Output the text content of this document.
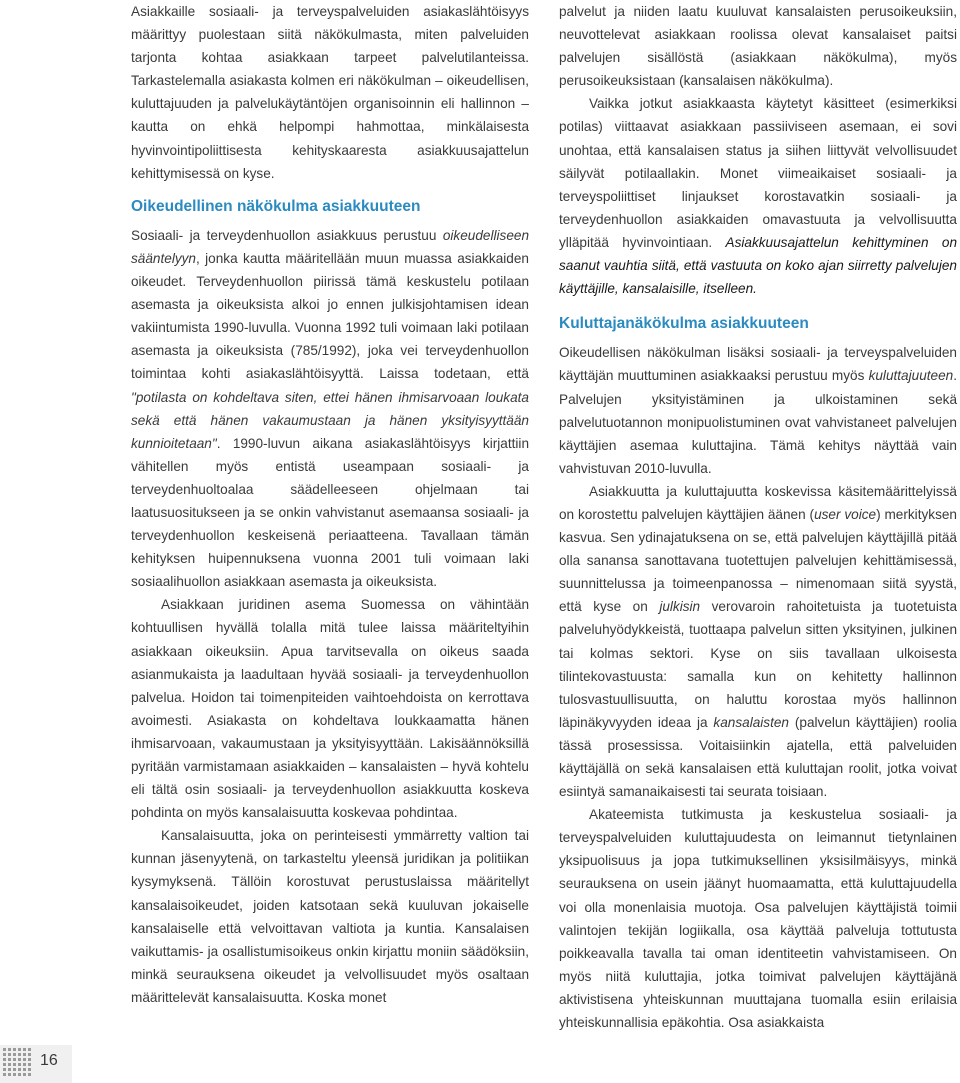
Asiakkaille sosiaali- ja terveyspalveluiden asiakaslähtöisyys määrittyy puolestaan siitä näkökulmasta, miten palveluiden tarjonta kohtaa asiakkaan tarpeet palvelutilanteissa. Tarkastelemalla asiakasta kolmen eri näkökulman – oikeudellisen, kuluttajuuden ja palvelukäytäntöjen organisoinnin eli hallinnon – kautta on ehkä helpompi hahmottaa, minkälaisesta hyvinvointipoliittisesta kehityskaaresta asiakkuusajattelun kehittymisessä on kyse.

Oikeudellinen näkökulma asiakkuuteen

Sosiaali- ja terveydenhuollon asiakkuus perustuu oikeudelliseen sääntelyyn, jonka kautta määritellään muun muassa asiakkaiden oikeudet. Terveydenhuollon piirissä tämä keskustelu potilaan asemasta ja oikeuksista alkoi jo ennen julkisjohtamisen idean vakiintumista 1990-luvulla. Vuonna 1992 tuli voimaan laki potilaan asemasta ja oikeuksista (785/1992), joka vei terveydenhuollon toimintaa kohti asiakaslähtöisyyttä. Laissa todetaan, että "potilasta on kohdeltava siten, ettei hänen ihmisarvoaan loukata sekä että hänen vakaumustaan ja hänen yksityisyyttään kunnioitetaan". 1990-luvun aikana asiakaslähtöisyys kirjattiin vähitellen myös entistä useampaan sosiaali- ja terveydenhuoltoalaa säädelleeseen ohjelmaan tai laatusuositukseen ja se onkin vahvistanut asemaansa sosiaali- ja terveydenhuollon keskeisenä periaatteena. Tavallaan tämän kehityksen huipennuksena vuonna 2001 tuli voimaan laki sosiaalihuollon asiakkaan asemasta ja oikeuksista.

Asiakkaan juridinen asema Suomessa on vähintään kohtuullisen hyvällä tolalla mitä tulee laissa määriteltyihin asiakkaan oikeuksiin. Apua tarvitsevalla on oikeus saada asianmukaista ja laadultaan hyvää sosiaali- ja terveydenhuollon palvelua. Hoidon tai toimenpiteiden vaihtoehdoista on kerrottava avoimesti. Asiakasta on kohdeltava loukkaamatta hänen ihmisarvoaan, vakaumustaan ja yksityisyyttään. Lakisäännöksillä pyritään varmistamaan asiakkaiden – kansalaisten – hyvä kohtelu eli tältä osin sosiaali- ja terveydenhuollon asiakkuutta koskeva pohdinta on myös kansalaisuutta koskevaa pohdintaa.

Kansalaisuutta, joka on perinteisesti ymmärretty valtion tai kunnan jäsenyytenä, on tarkasteltu yleensä juridikan ja politiikan kysymyksenä. Tällöin korostuvat perustuslaissa määritellyt kansalaisoikeudet, joiden katsotaan sekä kuuluvan jokaiselle kansalaiselle että velvoittavan valtiota ja kuntia. Kansalaisen vaikuttamis- ja osallistumisoikeus onkin kirjattu moniin säädöksiin, minkä seurauksena oikeudet ja velvollisuudet myös osaltaan määrittelevät kansalaisuutta. Koska monet

palvelut ja niiden laatu kuuluvat kansalaisten perusoikeuksiin, neuvottelevat asiakkaan roolissa olevat kansalaiset paitsi palvelujen sisällöstä (asiakkaan näkökulma), myös perusoikeuksistaan (kansalaisen näkökulma).

Vaikka jotkut asiakkaasta käytetyt käsitteet (esimerkiksi potilas) viittaavat asiakkaan passiiviseen asemaan, ei sovi unohtaa, että kansalaisen status ja siihen liittyvät velvollisuudet säilyvät potilaallakin. Monet viimeaikaiset sosiaali- ja terveyspoliittiset linjaukset korostavatkin sosiaali- ja terveydenhuollon asiakkaiden omavastuuta ja velvollisuutta ylläpitää hyvinvointiaan. Asiakkuusajattelun kehittyminen on saanut vauhtia siitä, että vastuuta on koko ajan siirretty palvelujen käyttäjille, kansalaisille, itselleen.

Kuluttajanäkökulma asiakkuuteen

Oikeudellisen näkökulman lisäksi sosiaali- ja terveyspalveluiden käyttäjän muuttuminen asiakkaaksi perustuu myös kuluttajuuteen. Palvelujen yksityistäminen ja ulkoistaminen sekä palvelutuotannon monipuolistuminen ovat vahvistaneet palvelujen käyttäjien asemaa kuluttajina. Tämä kehitys näyttää vain vahvistuvan 2010-luvulla.

Asiakkuutta ja kuluttajuutta koskevissa käsitemäärittelyissä on korostettu palvelujen käyttäjien äänen (user voice) merkityksen kasvua. Sen ydinajatuksena on se, että palvelujen käyttäjillä pitää olla sanansa sanottavana tuotettujen palvelujen kehittämisessä, suunnittelussa ja toimeenpanossa – nimenomaan siitä syystä, että kyse on julkisin verovaroin rahoitetuista ja tuotetuista palveluhyödykkeistä, tuottaapa palvelun sitten yksityinen, julkinen tai kolmas sektori. Kyse on siis tavallaan ulkoisesta tilintekovastuusta: samalla kun on kehitetty hallinnon tulosvastuullisuutta, on haluttu korostaa myös hallinnon läpinäkyvyyden ideaa ja kansalaisten (palvelun käyttäjien) roolia tässä prosessissa. Voitaisiinkin ajatella, että palveluiden käyttäjällä on sekä kansalaisen että kuluttajan roolit, jotka voivat esiintyä samanaikaisesti tai seurata toisiaan.

Akateemista tutkimusta ja keskustelua sosiaali- ja terveyspalveluiden kuluttajuudesta on leimannut tietynlainen yksipuolisuus ja jopa tutkimuksellinen yksisilmäisyys, minkä seurauksena on usein jäänyt huomaamatta, että kuluttajuudella voi olla monenlaisia muotoja. Osa palvelujen käyttäjistä toimii valintojen tekijän logiikalla, osa käyttää palveluja tottutusta poikkeavalla tavalla tai oman identiteetin vahvistamiseen. On myös niitä kuluttajia, jotka toimivat palvelujen käyttäjänä aktivistisena yhteiskunnan muuttajana tuomalla esiin erilaisia yhteiskunnallisia epäkohtia. Osa asiakkaista

16
